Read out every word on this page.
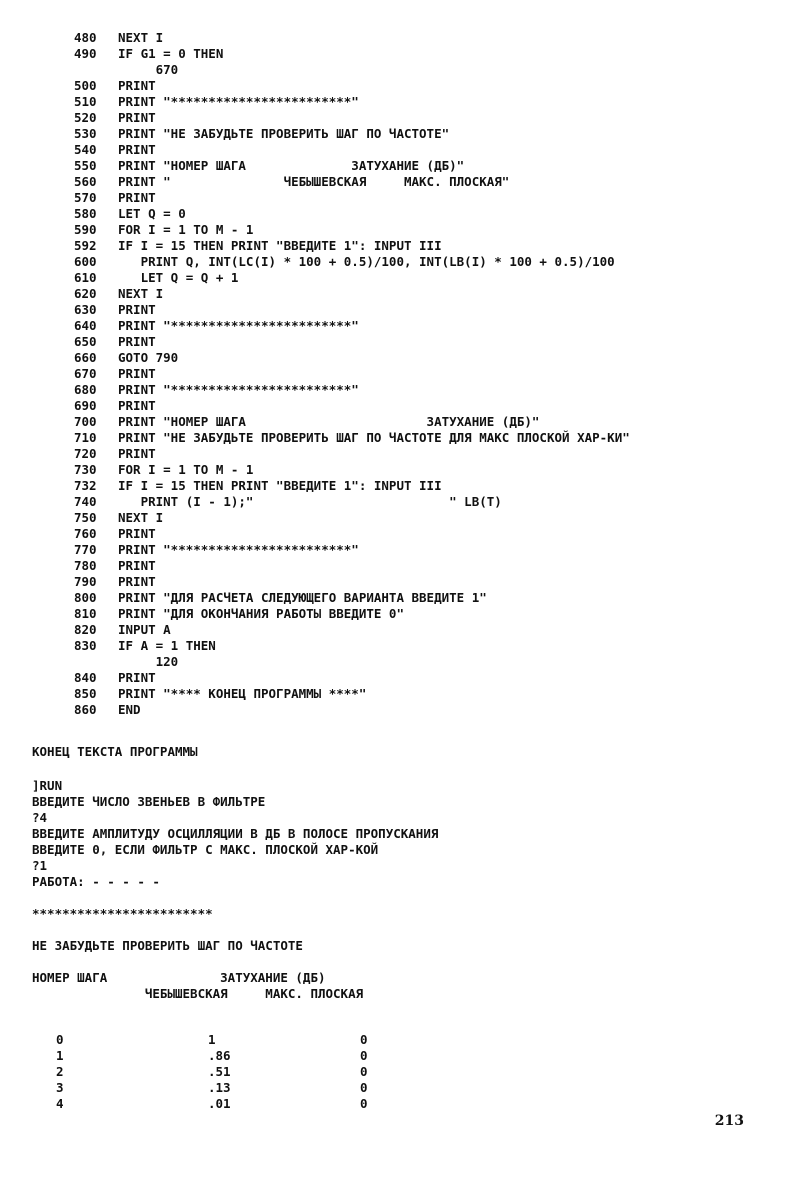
480	NEXT I
490	IF G1 = 0 THEN
670
500	PRINT
510	PRINT "************************"
520	PRINT
530	PRINT "НЕ ЗАБУДЬТЕ ПРОВЕРИТЬ ШАГ ПО ЧАСТОТЕ"
540	PRINT
550	PRINT "НОМЕР ШАГА              ЗАТУХАНИЕ (ДБ)"
560	PRINT "               ЧЕБЫШЕВСКАЯ     МАКС. ПЛОСКАЯ"
570	PRINT
580	LET Q = 0
590	FOR I = 1 TO M - 1
592	IF I = 15 THEN PRINT "ВВЕДИТЕ 1": INPUT III
600	PRINT Q, INT(LC(I) * 100 + 0.5)/100, INT(LB(I) * 100 + 0.5)/100
610	LET Q = Q + 1
620	NEXT I
630	PRINT
640	PRINT "************************"
650	PRINT
660	GOTO 790
670	PRINT
680	PRINT "************************"
690	PRINT
700	PRINT "НОМЕР ШАГА                        ЗАТУХАНИЕ (ДБ)"
710	PRINT "НЕ ЗАБУДЬТЕ ПРОВЕРИТЬ ШАГ ПО ЧАСТОТЕ ДЛЯ МАКС ПЛОСКОЙ ХАР-КИ"
720	PRINT
730	FOR I = 1 TO M - 1
732	IF I = 15 THEN PRINT "ВВЕДИТЕ 1": INPUT III
740	PRINT (I - 1);"                          " LB(T)
750	NEXT I
760	PRINT
770	PRINT "************************"
780	PRINT
790	PRINT
800	PRINT "ДЛЯ РАСЧЕТА СЛЕДУЮЩЕГО ВАРИАНТА ВВЕДИТЕ 1"
810	PRINT "ДЛЯ ОКОНЧАНИЯ РАБОТЫ ВВЕДИТЕ 0"
820	INPUT A
830	IF A = 1 THEN
120
840	PRINT
850	PRINT "**** КОНЕЦ ПРОГРАММЫ ****"
860	END
КОНЕЦ ТЕКСТА ПРОГРАММЫ
]RUN
ВВЕДИТЕ ЧИСЛО ЗВЕНЬЕВ В ФИЛЬТРЕ
?4
ВВЕДИТЕ АМПЛИТУДУ ОСЦИЛЛЯЦИИ В ДБ В ПОЛОСЕ ПРОПУСКАНИЯ
ВВЕДИТЕ 0, ЕСЛИ ФИЛЬТР С МАКС. ПЛОСКОЙ ХАР-КОЙ
?1
РАБОТА: - - - - -
************************
НЕ ЗАБУДЬТЕ ПРОВЕРИТЬ ШАГ ПО ЧАСТОТЕ
НОМЕР ШАГА               ЗАТУХАНИЕ (ДБ)
ЧЕБЫШЕВСКАЯ     МАКС. ПЛОСКАЯ
0	1	0
1	.86	0
2	.51	0
3	.13	0
4	.01	0
213
